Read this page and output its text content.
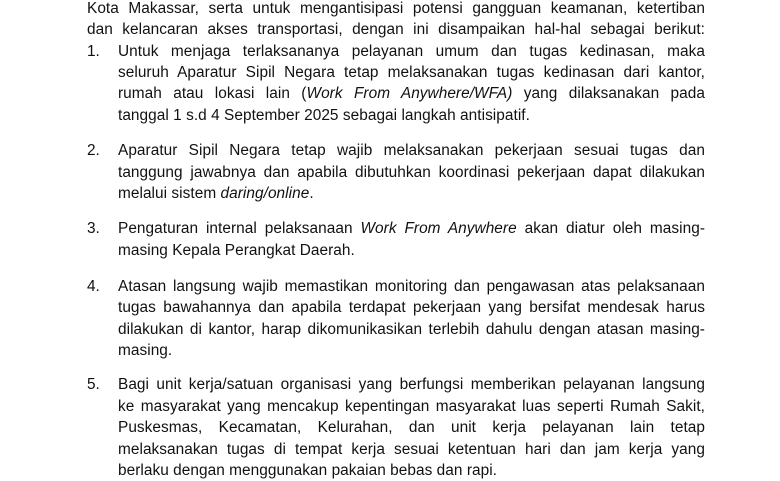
Kota Makassar, serta untuk mengantisipasi potensi gangguan keamanan, ketertiban
dan kelancaran akses transportasi, dengan ini disampaikan hal-hal sebagai berikut:
1. Untuk menjaga terlaksananya pelayanan umum dan tugas kedinasan, maka
seluruh Aparatur Sipil Negara tetap melaksanakan tugas kedinasan dari kantor,
rumah atau lokasi lain (Work From Anywhere/WFA) yang dilaksanakan pada
tanggal 1 s.d 4 September 2025 sebagai langkah antisipatif.
2. Aparatur Sipil Negara tetap wajib melaksanakan pekerjaan sesuai tugas dan
tanggung jawabnya dan apabila dibutuhkan koordinasi pekerjaan dapat dilakukan
melalui sistem daring/online.
3. Pengaturan internal pelaksanaan Work From Anywhere akan diatur oleh masing-
masing Kepala Perangkat Daerah.
4. Atasan langsung wajib memastikan monitoring dan pengawasan atas pelaksanaan
tugas bawahannya dan apabila terdapat pekerjaan yang bersifat mendesak harus
dilakukan di kantor, harap dikomunikasikan terlebih dahulu dengan atasan masing-
masing.
5. Bagi unit kerja/satuan organisasi yang berfungsi memberikan pelayanan langsung
ke masyarakat yang mencakup kepentingan masyarakat luas seperti Rumah Sakit,
Puskesmas, Kecamatan, Kelurahan, dan unit kerja pelayanan lain tetap
melaksanakan tugas di tempat kerja sesuai ketentuan hari dan jam kerja yang
berlaku dengan menggunakan pakaian bebas dan rapi.
